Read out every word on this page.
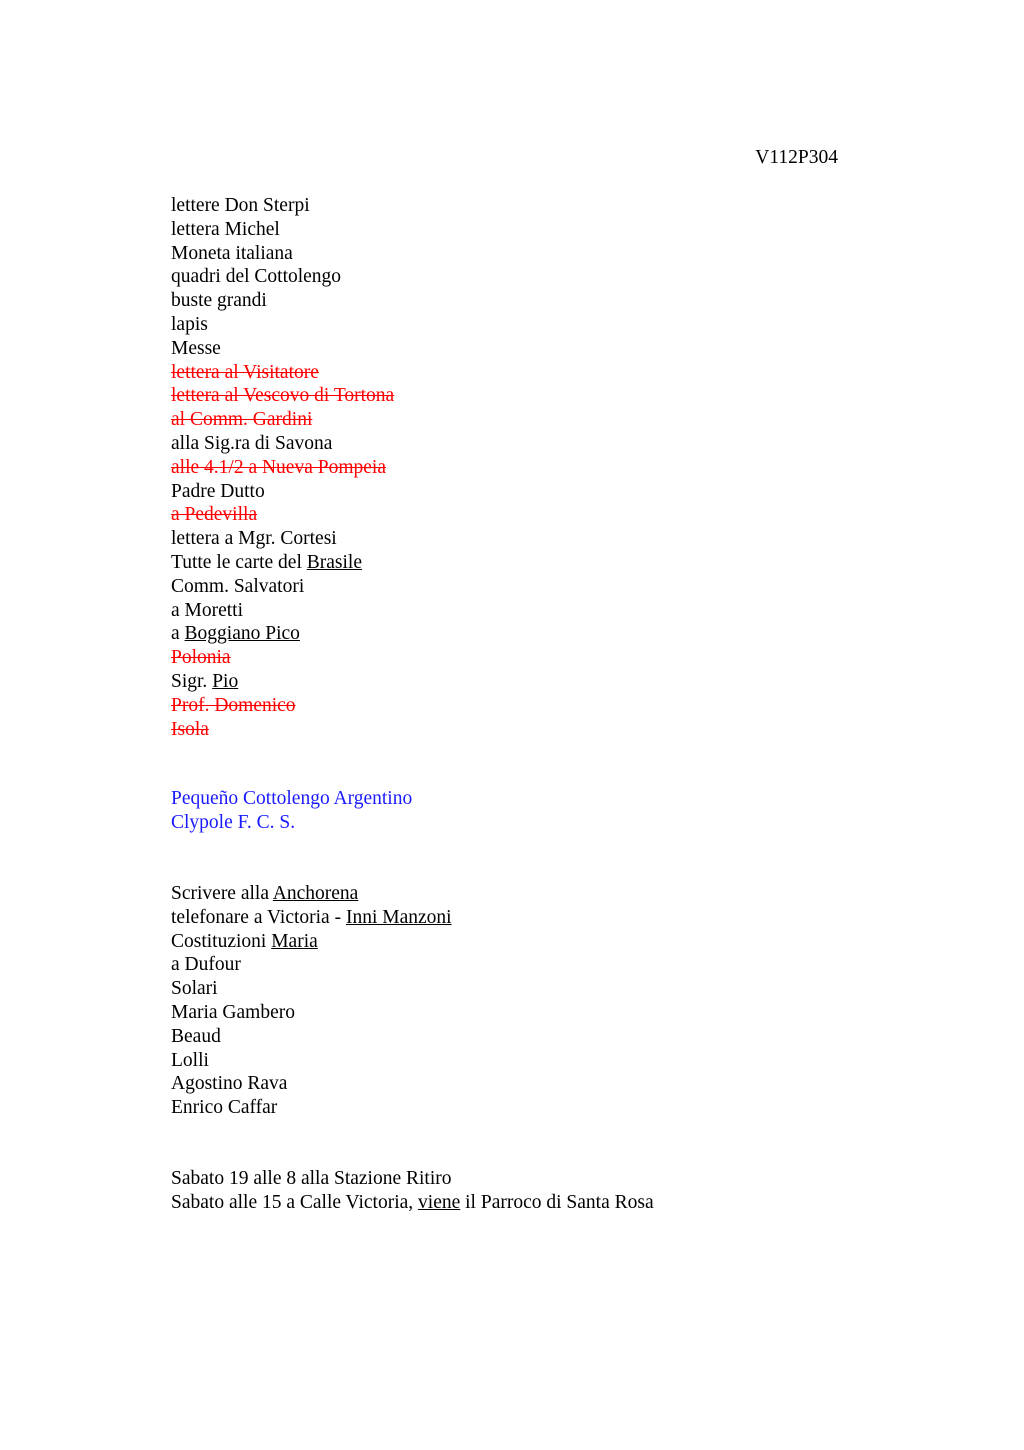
V112P304

lettere Don Sterpi
lettera Michel
Moneta italiana
quadri del Cottolengo
buste grandi
lapis
Messe
lettera al Visitatore
lettera al Vescovo di Tortona
al Comm. Gardini
alla Sig.ra di Savona
alle 4.1/2 a Nueva Pompeia
Padre Dutto
a Pedevilla
lettera a Mgr. Cortesi
Tutte le carte del Brasile
Comm. Salvatori
a Moretti
a Boggiano Pico
Polonia
Sigr. Pio
Prof. Domenico
Isola
Pequeño Cottolengo Argentino
Clypole F. C. S.
Scrivere alla Anchorena
telefonare a Victoria - Inni Manzoni
Costituzioni Maria
a Dufour
Solari
Maria Gambero
Beaud
Lolli
Agostino Rava
Enrico Caffar
Sabato 19 alle 8 alla Stazione Ritiro
Sabato alle 15 a Calle Victoria, viene il Parroco di Santa Rosa
